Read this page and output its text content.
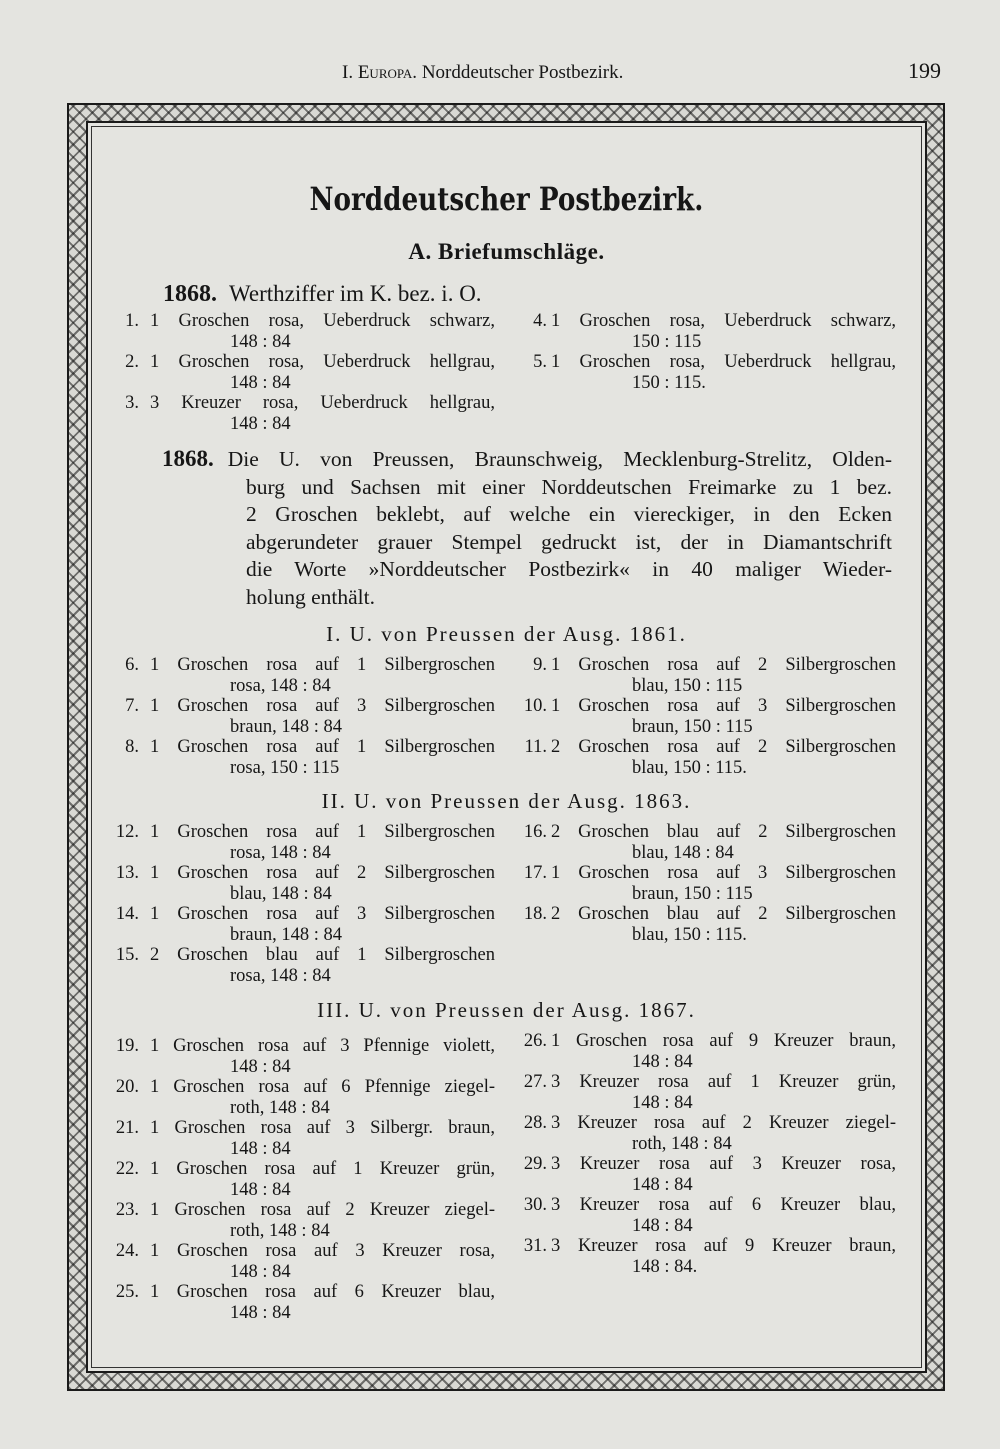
I. Europa. Norddeutscher Postbezirk.	199
Norddeutscher Postbezirk.
A. Briefumschläge.
1868. Werthziffer im K. bez. i. O.
1. 1 Groschen rosa, Ueberdruck schwarz,
148 : 84
2. 1 Groschen rosa, Ueberdruck hellgrau,
148 : 84
3. 3 Kreuzer rosa, Ueberdruck hellgrau,
148 : 84
4. 1 Groschen rosa, Ueberdruck schwarz,
150 : 115
5. 1 Groschen rosa, Ueberdruck hellgrau,
150 : 115.
1868. Die U. von Preussen, Braunschweig, Mecklenburg-Strelitz, Olden-
burg und Sachsen mit einer Norddeutschen Freimarke zu 1 bez.
2 Groschen beklebt, auf welche ein viereckiger, in den Ecken
abgerundeter grauer Stempel gedruckt ist, der in Diamantschrift
die Worte »Norddeutscher Postbezirk« in 40 maliger Wieder-
holung enthält.
I. U. von Preussen der Ausg. 1861.
6. 1 Groschen rosa auf 1 Silbergroschen
rosa, 148 : 84
7. 1 Groschen rosa auf 3 Silbergroschen
braun, 148 : 84
8. 1 Groschen rosa auf 1 Silbergroschen
rosa, 150 : 115
9. 1 Groschen rosa auf 2 Silbergroschen
blau, 150 : 115
10. 1 Groschen rosa auf 3 Silbergroschen
braun, 150 : 115
11. 2 Groschen rosa auf 2 Silbergroschen
blau, 150 : 115.
II. U. von Preussen der Ausg. 1863.
12. 1 Groschen rosa auf 1 Silbergroschen
rosa, 148 : 84
13. 1 Groschen rosa auf 2 Silbergroschen
blau, 148 : 84
14. 1 Groschen rosa auf 3 Silbergroschen
braun, 148 : 84
15. 2 Groschen blau auf 1 Silbergroschen
rosa, 148 : 84
16. 2 Groschen blau auf 2 Silbergroschen
blau, 148 : 84
17. 1 Groschen rosa auf 3 Silbergroschen
braun, 150 : 115
18. 2 Groschen blau auf 2 Silbergroschen
blau, 150 : 115.
III. U. von Preussen der Ausg. 1867.
19. 1 Groschen rosa auf 3 Pfennige violett,
148 : 84
20. 1 Groschen rosa auf 6 Pfennige ziegel-
roth, 148 : 84
21. 1 Groschen rosa auf 3 Silbergr. braun,
148 : 84
22. 1 Groschen rosa auf 1 Kreuzer grün,
148 : 84
23. 1 Groschen rosa auf 2 Kreuzer ziegel-
roth, 148 : 84
24. 1 Groschen rosa auf 3 Kreuzer rosa,
148 : 84
25. 1 Groschen rosa auf 6 Kreuzer blau,
148 : 84
26. 1 Groschen rosa auf 9 Kreuzer braun,
148 : 84
27. 3 Kreuzer rosa auf 1 Kreuzer grün,
148 : 84
28. 3 Kreuzer rosa auf 2 Kreuzer ziegel-
roth, 148 : 84
29. 3 Kreuzer rosa auf 3 Kreuzer rosa,
148 : 84
30. 3 Kreuzer rosa auf 6 Kreuzer blau,
148 : 84
31. 3 Kreuzer rosa auf 9 Kreuzer braun,
148 : 84.
